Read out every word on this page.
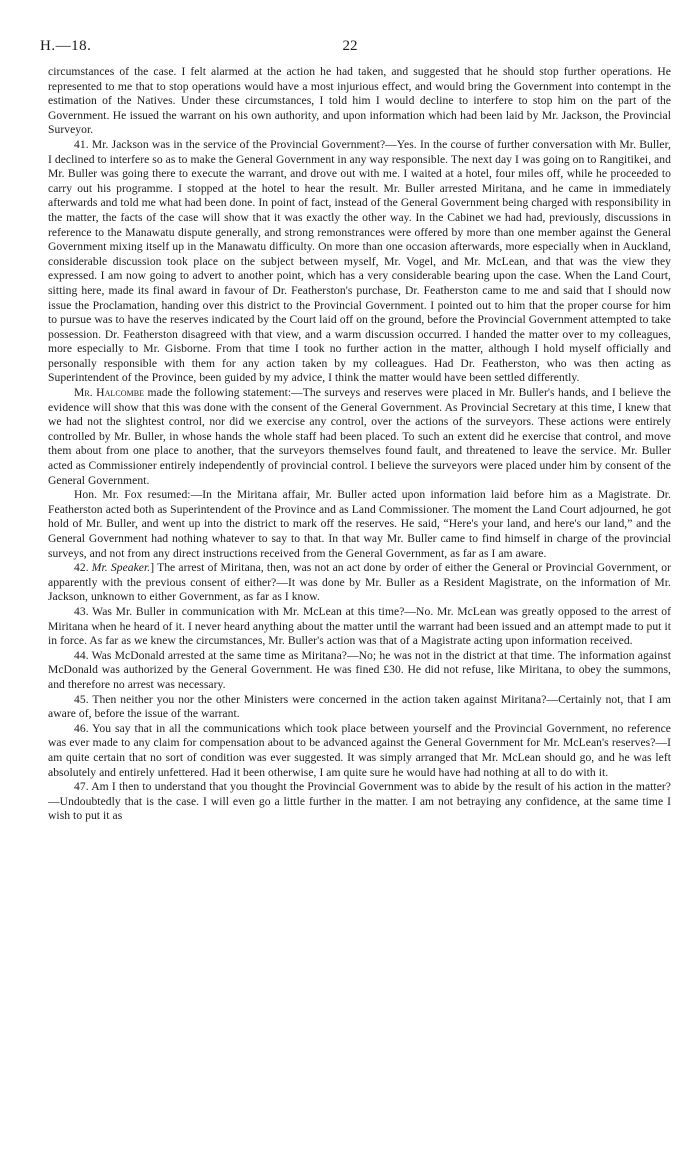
H.—18.	22

circumstances of the case. I felt alarmed at the action he had taken, and suggested that he should stop further operations. He represented to me that to stop operations would have a most injurious effect, and would bring the Government into contempt in the estimation of the Natives. Under these circumstances, I told him I would decline to interfere to stop him on the part of the Government. He issued the warrant on his own authority, and upon information which had been laid by Mr. Jackson, the Provincial Surveyor.

41. Mr. Jackson was in the service of the Provincial Government?—Yes. In the course of further conversation with Mr. Buller, I declined to interfere so as to make the General Government in any way responsible. The next day I was going on to Rangitikei, and Mr. Buller was going there to execute the warrant, and drove out with me. I waited at a hotel, four miles off, while he proceeded to carry out his programme. I stopped at the hotel to hear the result. Mr. Buller arrested Miritana, and he came in immediately afterwards and told me what had been done. In point of fact, instead of the General Government being charged with responsibility in the matter, the facts of the case will show that it was exactly the other way. In the Cabinet we had had, previously, discussions in reference to the Manawatu dispute generally, and strong remonstrances were offered by more than one member against the General Government mixing itself up in the Manawatu difficulty. On more than one occasion afterwards, more especially when in Auckland, considerable discussion took place on the subject between myself, Mr. Vogel, and Mr. McLean, and that was the view they expressed. I am now going to advert to another point, which has a very considerable bearing upon the case. When the Land Court, sitting here, made its final award in favour of Dr. Featherston's purchase, Dr. Featherston came to me and said that I should now issue the Proclamation, handing over this district to the Provincial Government. I pointed out to him that the proper course for him to pursue was to have the reserves indicated by the Court laid off on the ground, before the Provincial Government attempted to take possession. Dr. Featherston disagreed with that view, and a warm discussion occurred. I handed the matter over to my colleagues, more especially to Mr. Gisborne. From that time I took no further action in the matter, although I hold myself officially and personally responsible with them for any action taken by my colleagues. Had Dr. Featherston, who was then acting as Superintendent of the Province, been guided by my advice, I think the matter would have been settled differently.

Mr. Halcombe made the following statement:—The surveys and reserves were placed in Mr. Buller's hands, and I believe the evidence will show that this was done with the consent of the General Government. As Provincial Secretary at this time, I knew that we had not the slightest control, nor did we exercise any control, over the actions of the surveyors. These actions were entirely controlled by Mr. Buller, in whose hands the whole staff had been placed. To such an extent did he exercise that control, and move them about from one place to another, that the surveyors themselves found fault, and threatened to leave the service. Mr. Buller acted as Commissioner entirely independently of provincial control. I believe the surveyors were placed under him by consent of the General Government.

Hon. Mr. Fox resumed:—In the Miritana affair, Mr. Buller acted upon information laid before him as a Magistrate. Dr. Featherston acted both as Superintendent of the Province and as Land Commissioner. The moment the Land Court adjourned, he got hold of Mr. Buller, and went up into the district to mark off the reserves. He said, “Here's your land, and here's our land,” and the General Government had nothing whatever to say to that. In that way Mr. Buller came to find himself in charge of the provincial surveys, and not from any direct instructions received from the General Government, as far as I am aware.

42. Mr. Speaker.] The arrest of Miritana, then, was not an act done by order of either the General or Provincial Government, or apparently with the previous consent of either?—It was done by Mr. Buller as a Resident Magistrate, on the information of Mr. Jackson, unknown to either Government, as far as I know.

43. Was Mr. Buller in communication with Mr. McLean at this time?—No. Mr. McLean was greatly opposed to the arrest of Miritana when he heard of it. I never heard anything about the matter until the warrant had been issued and an attempt made to put it in force. As far as we knew the circumstances, Mr. Buller's action was that of a Magistrate acting upon information received.

44. Was McDonald arrested at the same time as Miritana?—No; he was not in the district at that time. The information against McDonald was authorized by the General Government. He was fined £30. He did not refuse, like Miritana, to obey the summons, and therefore no arrest was necessary.

45. Then neither you nor the other Ministers were concerned in the action taken against Miritana?—Certainly not, that I am aware of, before the issue of the warrant.

46. You say that in all the communications which took place between yourself and the Provincial Government, no reference was ever made to any claim for compensation about to be advanced against the General Government for Mr. McLean's reserves?—I am quite certain that no sort of condition was ever suggested. It was simply arranged that Mr. McLean should go, and he was left absolutely and entirely unfettered. Had it been otherwise, I am quite sure he would have had nothing at all to do with it.

47. Am I then to understand that you thought the Provincial Government was to abide by the result of his action in the matter?—Undoubtedly that is the case. I will even go a little further in the matter. I am not betraying any confidence, at the same time I wish to put it as
